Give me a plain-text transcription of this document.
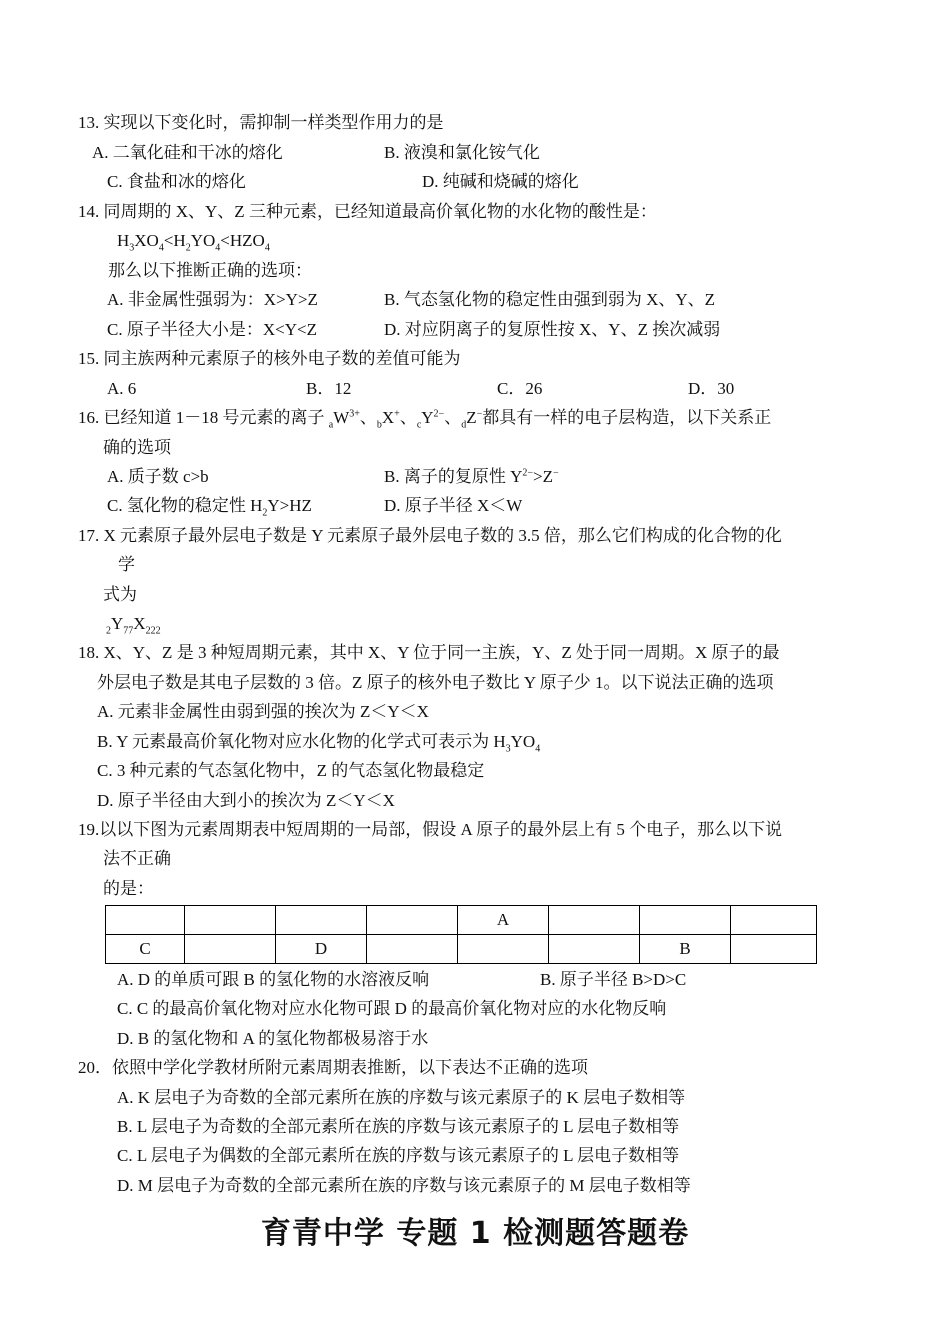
13. 实现以下变化时，需抑制一样类型作用力的是
A. 二氧化硅和干冰的熔化	B. 液溴和氯化铵气化
C. 食盐和冰的熔化	D. 纯碱和烧碱的熔化
14. 同周期的 X、Y、Z 三种元素，已经知道最高价氧化物的水化物的酸性是：
$H_3XO_4<H_2YO_4<HZO_4$
那么以下推断正确的选项：
A. 非金属性强弱为：X>Y>Z	B. 气态氢化物的稳定性由强到弱为 X、Y、Z
C. 原子半径大小是：X<Y<Z	D. 对应阴离子的复原性按 X、Y、Z 挨次减弱
15. 同主族两种元素原子的核外电子数的差值可能为
A. 6	B．12	C．26	D．30
16. 已经知道 1－18 号元素的离子 $_aW^{3+}$、$_b$X+、$_cY^{2-}$、$_d$Z−都具有一样的电子层构造，以下关系正
确的选项
A. 质子数 c>b	B. 离子的复原性 $Y^{2-}>Z^-$
C. 氢化物的稳定性 $H_2Y>HZ$	D. 原子半径 X＜W
17. X 元素原子最外层电子数是 Y 元素原子最外层电子数的 3.5 倍，那么它们构成的化合物的化
学
式为
$_2Y_{77}X_{222}$
18. X、Y、Z 是 3 种短周期元素，其中 X、Y 位于同一主族，Y、Z 处于同一周期。X 原子的最
外层电子数是其电子层数的 3 倍。Z 原子的核外电子数比 Y 原子少 1。以下说法正确的选项
A. 元素非金属性由弱到强的挨次为 Z＜Y＜X
B. Y 元素最高价氧化物对应水化物的化学式可表示为 $H_3YO_4$
C. 3 种元素的气态氢化物中，Z 的气态氢化物最稳定
D. 原子半径由大到小的挨次为 Z＜Y＜X
19.以以下图为元素周期表中短周期的一局部，假设 A 原子的最外层上有 5 个电子，那么以下说
法不正确
的是：
				A			
C		D				B	
A. D 的单质可跟 B 的氢化物的水溶液反响	B. 原子半径 B>D>C
C. C 的最高价氧化物对应水化物可跟 D 的最高价氧化物对应的水化物反响
D. B 的氢化物和 A 的氢化物都极易溶于水
20．依照中学化学教材所附元素周期表推断，以下表达不正确的选项
A. K 层电子为奇数的全部元素所在族的序数与该元素原子的 K 层电子数相等
B. L 层电子为奇数的全部元素所在族的序数与该元素原子的 L 层电子数相等
C. L 层电子为偶数的全部元素所在族的序数与该元素原子的 L 层电子数相等
D. M 层电子为奇数的全部元素所在族的序数与该元素原子的 M 层电子数相等
育青中学 专题 1 检测题答题卷
